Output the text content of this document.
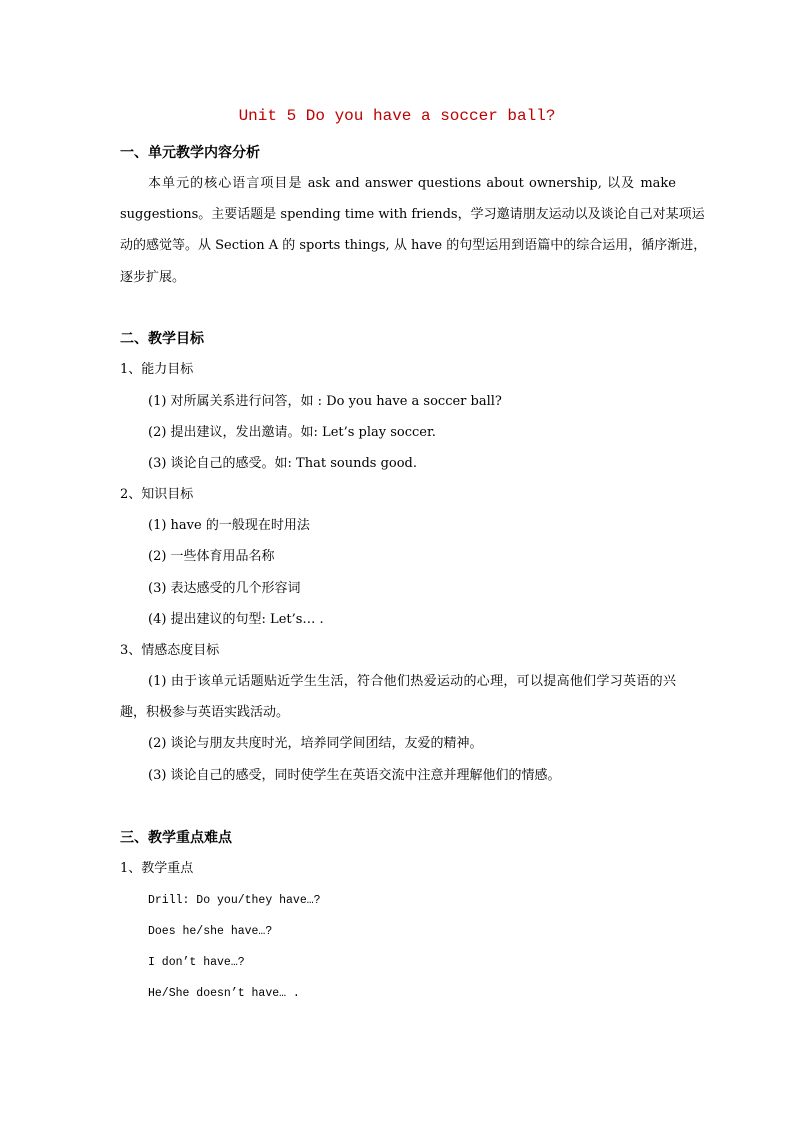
Unit 5 Do you have a soccer ball?
一、单元教学内容分析
本单元的核心语言项目是 ask and answer questions about ownership, 以及 make
suggestions。主要话题是 spending time with friends，学习邀请朋友运动以及谈论自己对某项运
动的感觉等。从 Section A 的 sports things, 从 have 的句型运用到语篇中的综合运用，循序渐进，
逐步扩展。
二、教学目标
1、能力目标
(1) 对所属关系进行问答，如 : Do you have a soccer ball?
(2) 提出建议，发出邀请。如: Let’s play soccer.
(3) 谈论自己的感受。如: That sounds good.
2、知识目标
(1) have 的一般现在时用法
(2) 一些体育用品名称
(3) 表达感受的几个形容词
(4) 提出建议的句型: Let’s… .
3、情感态度目标
(1) 由于该单元话题贴近学生生活，符合他们热爱运动的心理，可以提高他们学习英语的兴
趣，积极参与英语实践活动。
(2) 谈论与朋友共度时光，培养同学间团结，友爱的精神。
(3) 谈论自己的感受，同时使学生在英语交流中注意并理解他们的情感。
三、教学重点难点
1、教学重点
Drill: Do you/they have…?
Does he/she have…?
I don’t have…?
He/She doesn’t have… .
